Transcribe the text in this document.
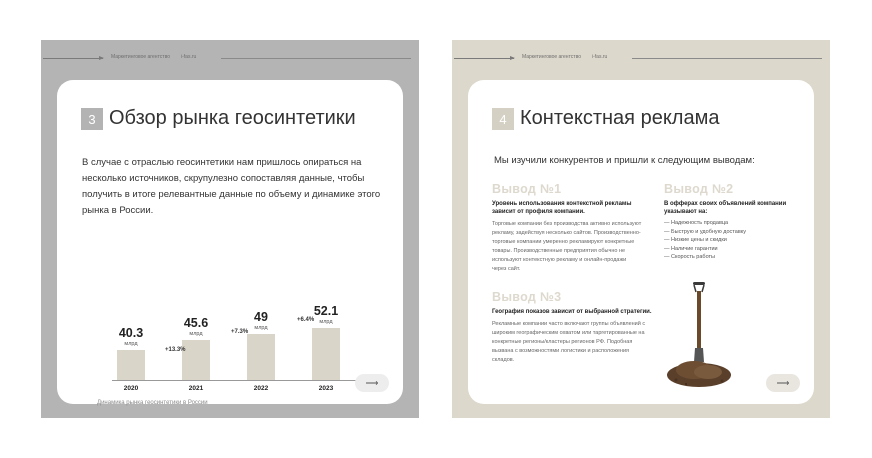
Маркетинговое агентство i-fas.ru
3 Обзор рынка геосинтетики

В случае с отраслью геосинтетики нам пришлось опираться на несколько источников, скрупулезно сопоставляя данные, чтобы получить в итоге релевантные данные по объему и динамике этого рынка в России.

40.3
млрд
2020
45.6
млрд
2021
49
млрд
2022
52.1
млрд
2023
+13.3%
+7.3%
+6.4%
Динамика рынка геосинтетики в России
⟶
Маркетинговое агентство i-fas.ru
4 Контекстная реклама

Мы изучили конкурентов и пришли к следующим выводам:

Вывод №1
Уровень использования контекстной рекламы зависит от профиля компании.
Торговые компании без производства активно используют рекламу, задействуя несколько сайтов. Производственно-торговые компании умеренно рекламируют конкретные товары. Производственные предприятия обычно не используют контекстную рекламу и онлайн-продажи через сайт.
Вывод №2
В офферах своих объявлений компании указывают на:
— Надежность продавца
— Быструю и удобную доставку
— Низкие цены и скидки
— Наличие гарантии
— Скорость работы
Вывод №3
География показов зависит от выбранной стратегии.
Рекламные компании часто включают группы объявлений с широким географическим охватом или таргетированные на конкретные регионы/кластеры регионов РФ. Подобная вызвана с возможностями логистики и расположения складов.
⟶
